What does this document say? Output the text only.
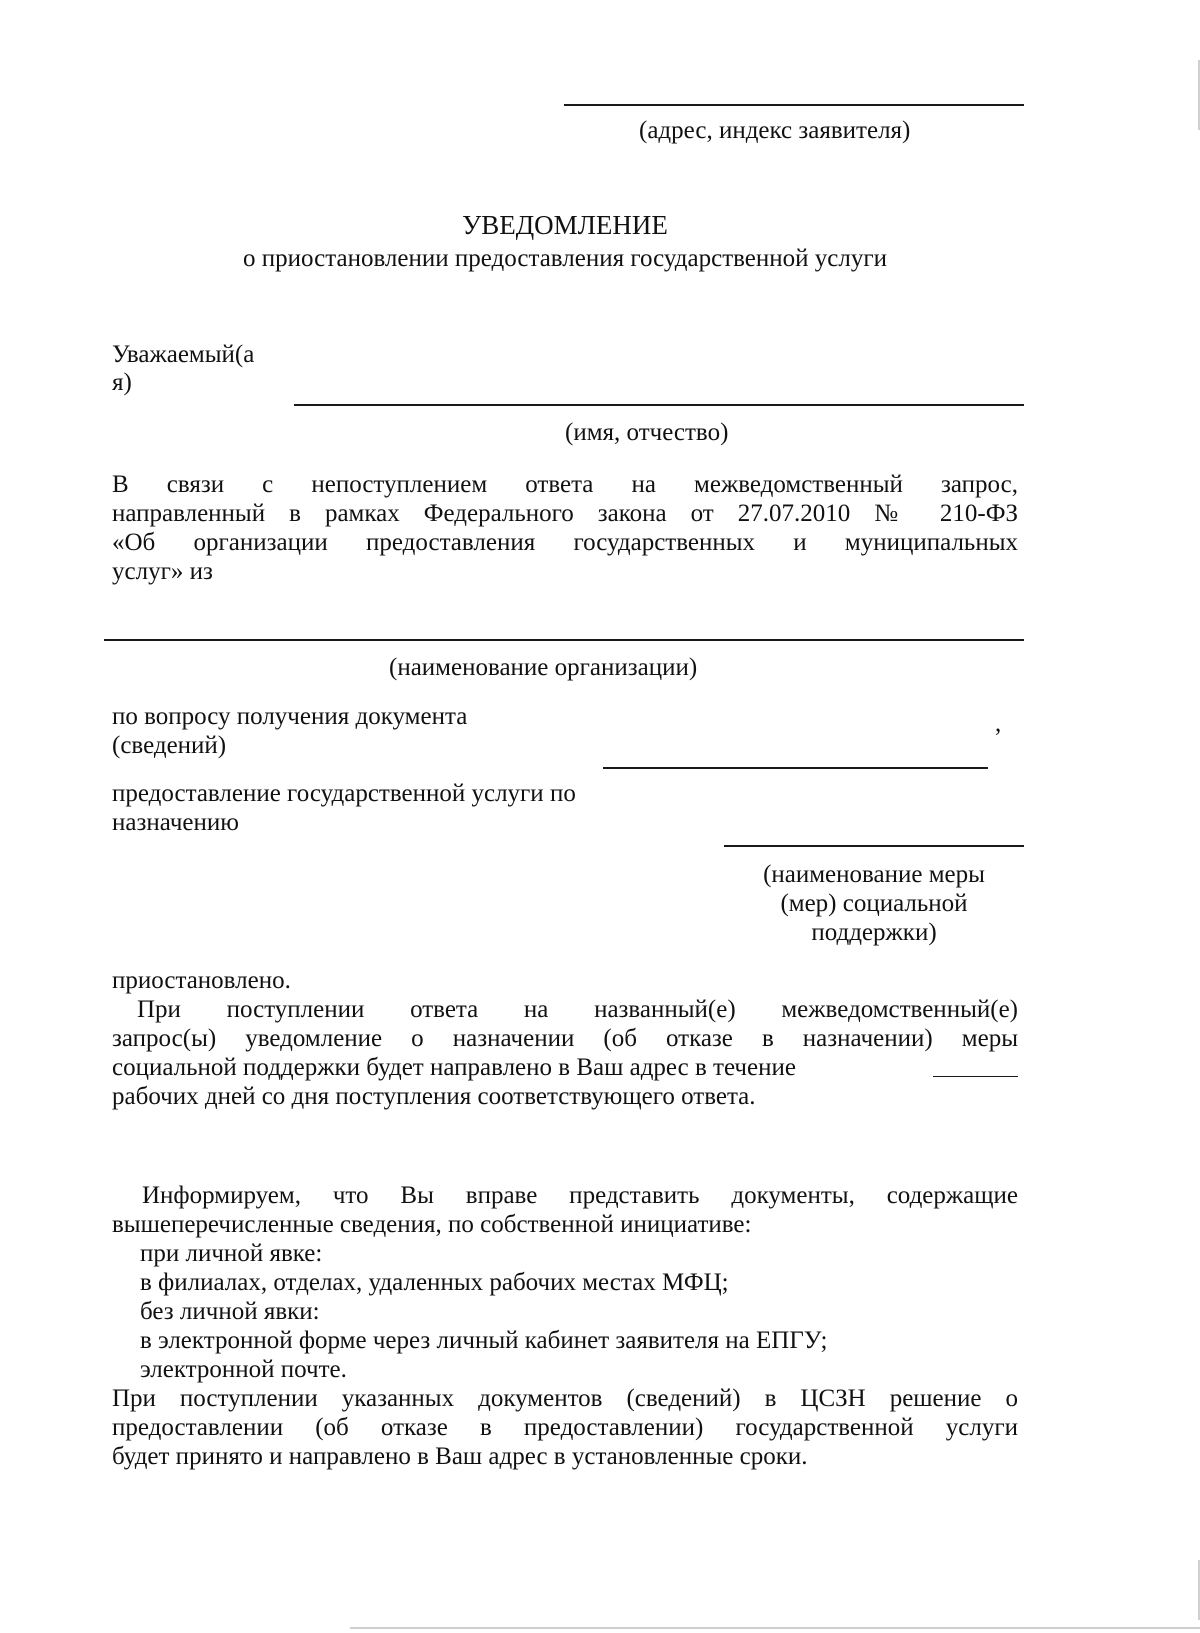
(адрес, индекс заявителя)
УВЕДОМЛЕНИЕ
о приостановлении предоставления государственной услуги
Уважаемый(а
я)
(имя, отчество)
В связи с непоступлением ответа на межведомственный запрос,
направленный в рамках Федерального закона от 27.07.2010 № 210-ФЗ
«Об организации предоставления государственных и муниципальных
услуг» из
(наименование организации)
по вопросу получения документа	,
(сведений)
предоставление государственной услуги по
назначению
(наименование меры
(мер) социальной
поддержки)
приостановлено.
При поступлении ответа на названный(е) межведомственный(е)
запрос(ы) уведомление о назначении (об отказе в назначении) меры
социальной поддержки будет направлено в Ваш адрес в течение
рабочих дней со дня поступления соответствующего ответа.
Информируем, что Вы вправе представить документы, содержащие
вышеперечисленные сведения, по собственной инициативе:
при личной явке:
в филиалах, отделах, удаленных рабочих местах МФЦ;
без личной явки:
в электронной форме через личный кабинет заявителя на ЕПГУ;
электронной почте.
При поступлении указанных документов (сведений) в ЦСЗН решение о
предоставлении (об отказе в предоставлении) государственной услуги
будет принято и направлено в Ваш адрес в установленные сроки.
